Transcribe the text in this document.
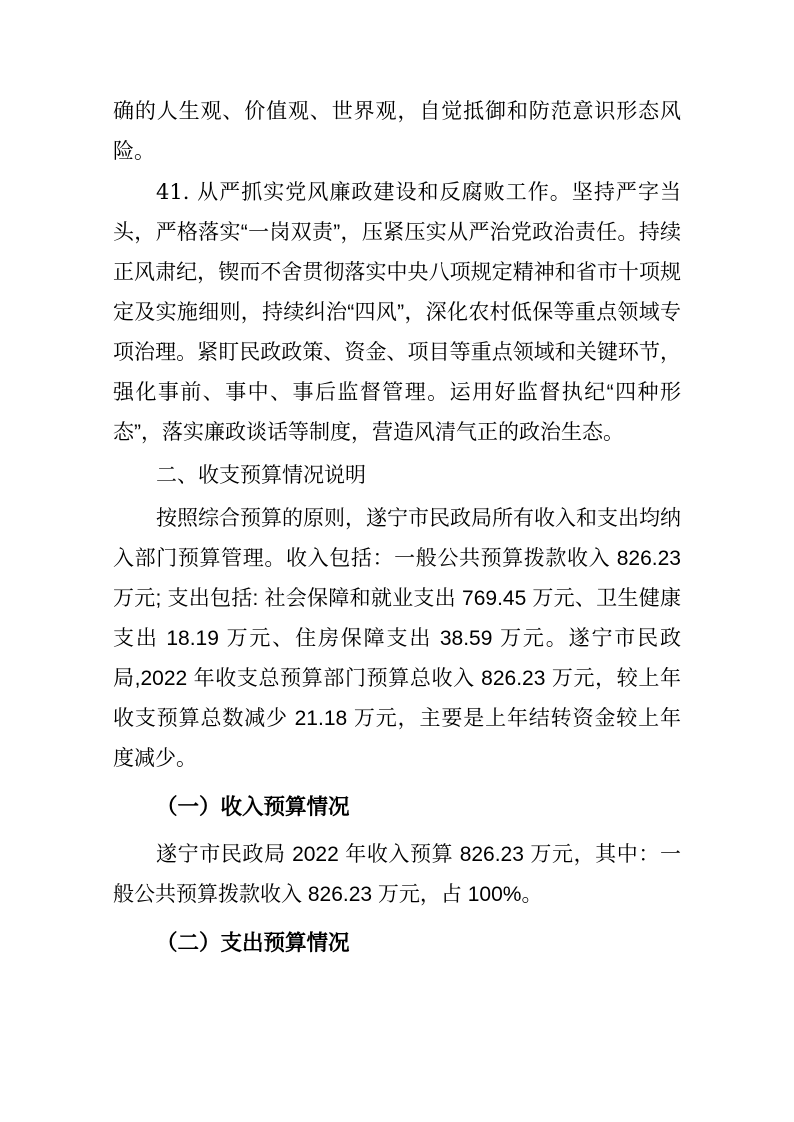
确的人生观、价值观、世界观，自觉抵御和防范意识形态风险。

41. 从严抓实党风廉政建设和反腐败工作。坚持严字当头，严格落实“一岗双责”，压紧压实从严治党政治责任。持续正风肃纪，锲而不舍贯彻落实中央八项规定精神和省市十项规定及实施细则，持续纠治“四风”，深化农村低保等重点领域专项治理。紧盯民政政策、资金、项目等重点领域和关键环节，强化事前、事中、事后监督管理。运用好监督执纪“四种形态”，落实廉政谈话等制度，营造风清气正的政治生态。

二、收支预算情况说明

按照综合预算的原则，遂宁市民政局所有收入和支出均纳入部门预算管理。收入包括：一般公共预算拨款收入 826.23 万元; 支出包括: 社会保障和就业支出 769.45 万元、卫生健康支出 18.19 万元、住房保障支出 38.59 万元。遂宁市民政局,2022 年收支总预算部门预算总收入 826.23 万元，较上年收支预算总数减少 21.18 万元，主要是上年结转资金较上年度减少。

（一）收入预算情况

遂宁市民政局 2022 年收入预算 826.23 万元，其中：一般公共预算拨款收入 826.23 万元，占 100%。

（二）支出预算情况
